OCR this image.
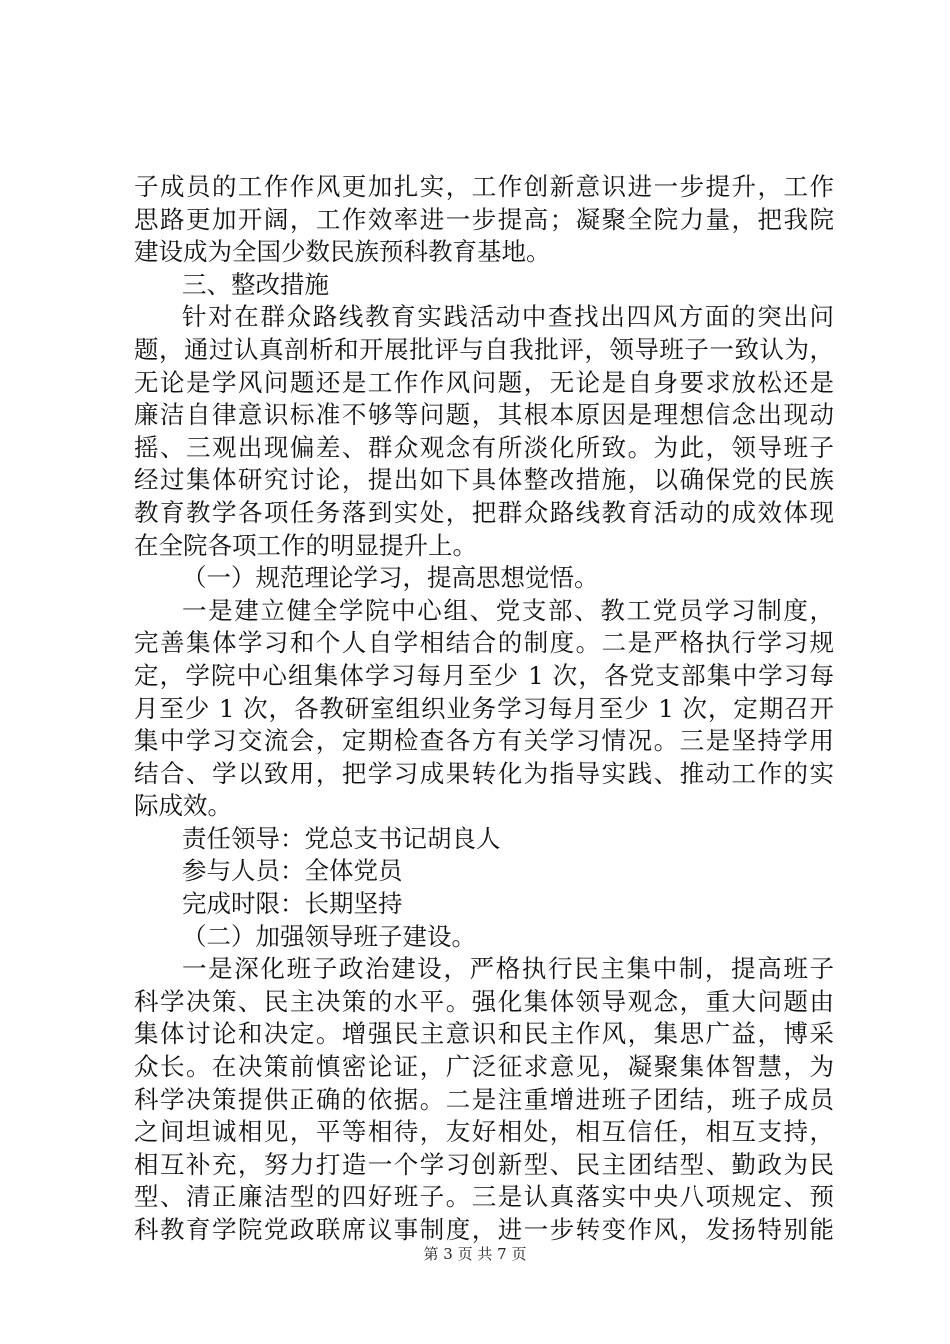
子成员的工作作风更加扎实，工作创新意识进一步提升，工作
思路更加开阔，工作效率进一步提高；凝聚全院力量，把我院
建设成为全国少数民族预科教育基地。
三、整改措施
针对在群众路线教育实践活动中查找出四风方面的突出问
题，通过认真剖析和开展批评与自我批评，领导班子一致认为，
无论是学风问题还是工作作风问题，无论是自身要求放松还是
廉洁自律意识标准不够等问题，其根本原因是理想信念出现动
摇、三观出现偏差、群众观念有所淡化所致。为此，领导班子
经过集体研究讨论，提出如下具体整改措施，以确保党的民族
教育教学各项任务落到实处，把群众路线教育活动的成效体现
在全院各项工作的明显提升上。
（一）规范理论学习，提高思想觉悟。
一是建立健全学院中心组、党支部、教工党员学习制度，
完善集体学习和个人自学相结合的制度。二是严格执行学习规
定，学院中心组集体学习每月至少 1 次，各党支部集中学习每
月至少 1 次，各教研室组织业务学习每月至少 1 次，定期召开
集中学习交流会，定期检查各方有关学习情况。三是坚持学用
结合、学以致用，把学习成果转化为指导实践、推动工作的实
际成效。
责任领导：党总支书记胡良人
参与人员：全体党员
完成时限：长期坚持
（二）加强领导班子建设。
一是深化班子政治建设，严格执行民主集中制，提高班子
科学决策、民主决策的水平。强化集体领导观念，重大问题由
集体讨论和决定。增强民主意识和民主作风，集思广益，博采
众长。在决策前慎密论证，广泛征求意见，凝聚集体智慧，为
科学决策提供正确的依据。二是注重增进班子团结，班子成员
之间坦诚相见，平等相待，友好相处，相互信任，相互支持，
相互补充，努力打造一个学习创新型、民主团结型、勤政为民
型、清正廉洁型的四好班子。三是认真落实中央八项规定、预
科教育学院党政联席议事制度，进一步转变作风，发扬特别能
第 3 页 共 7 页
